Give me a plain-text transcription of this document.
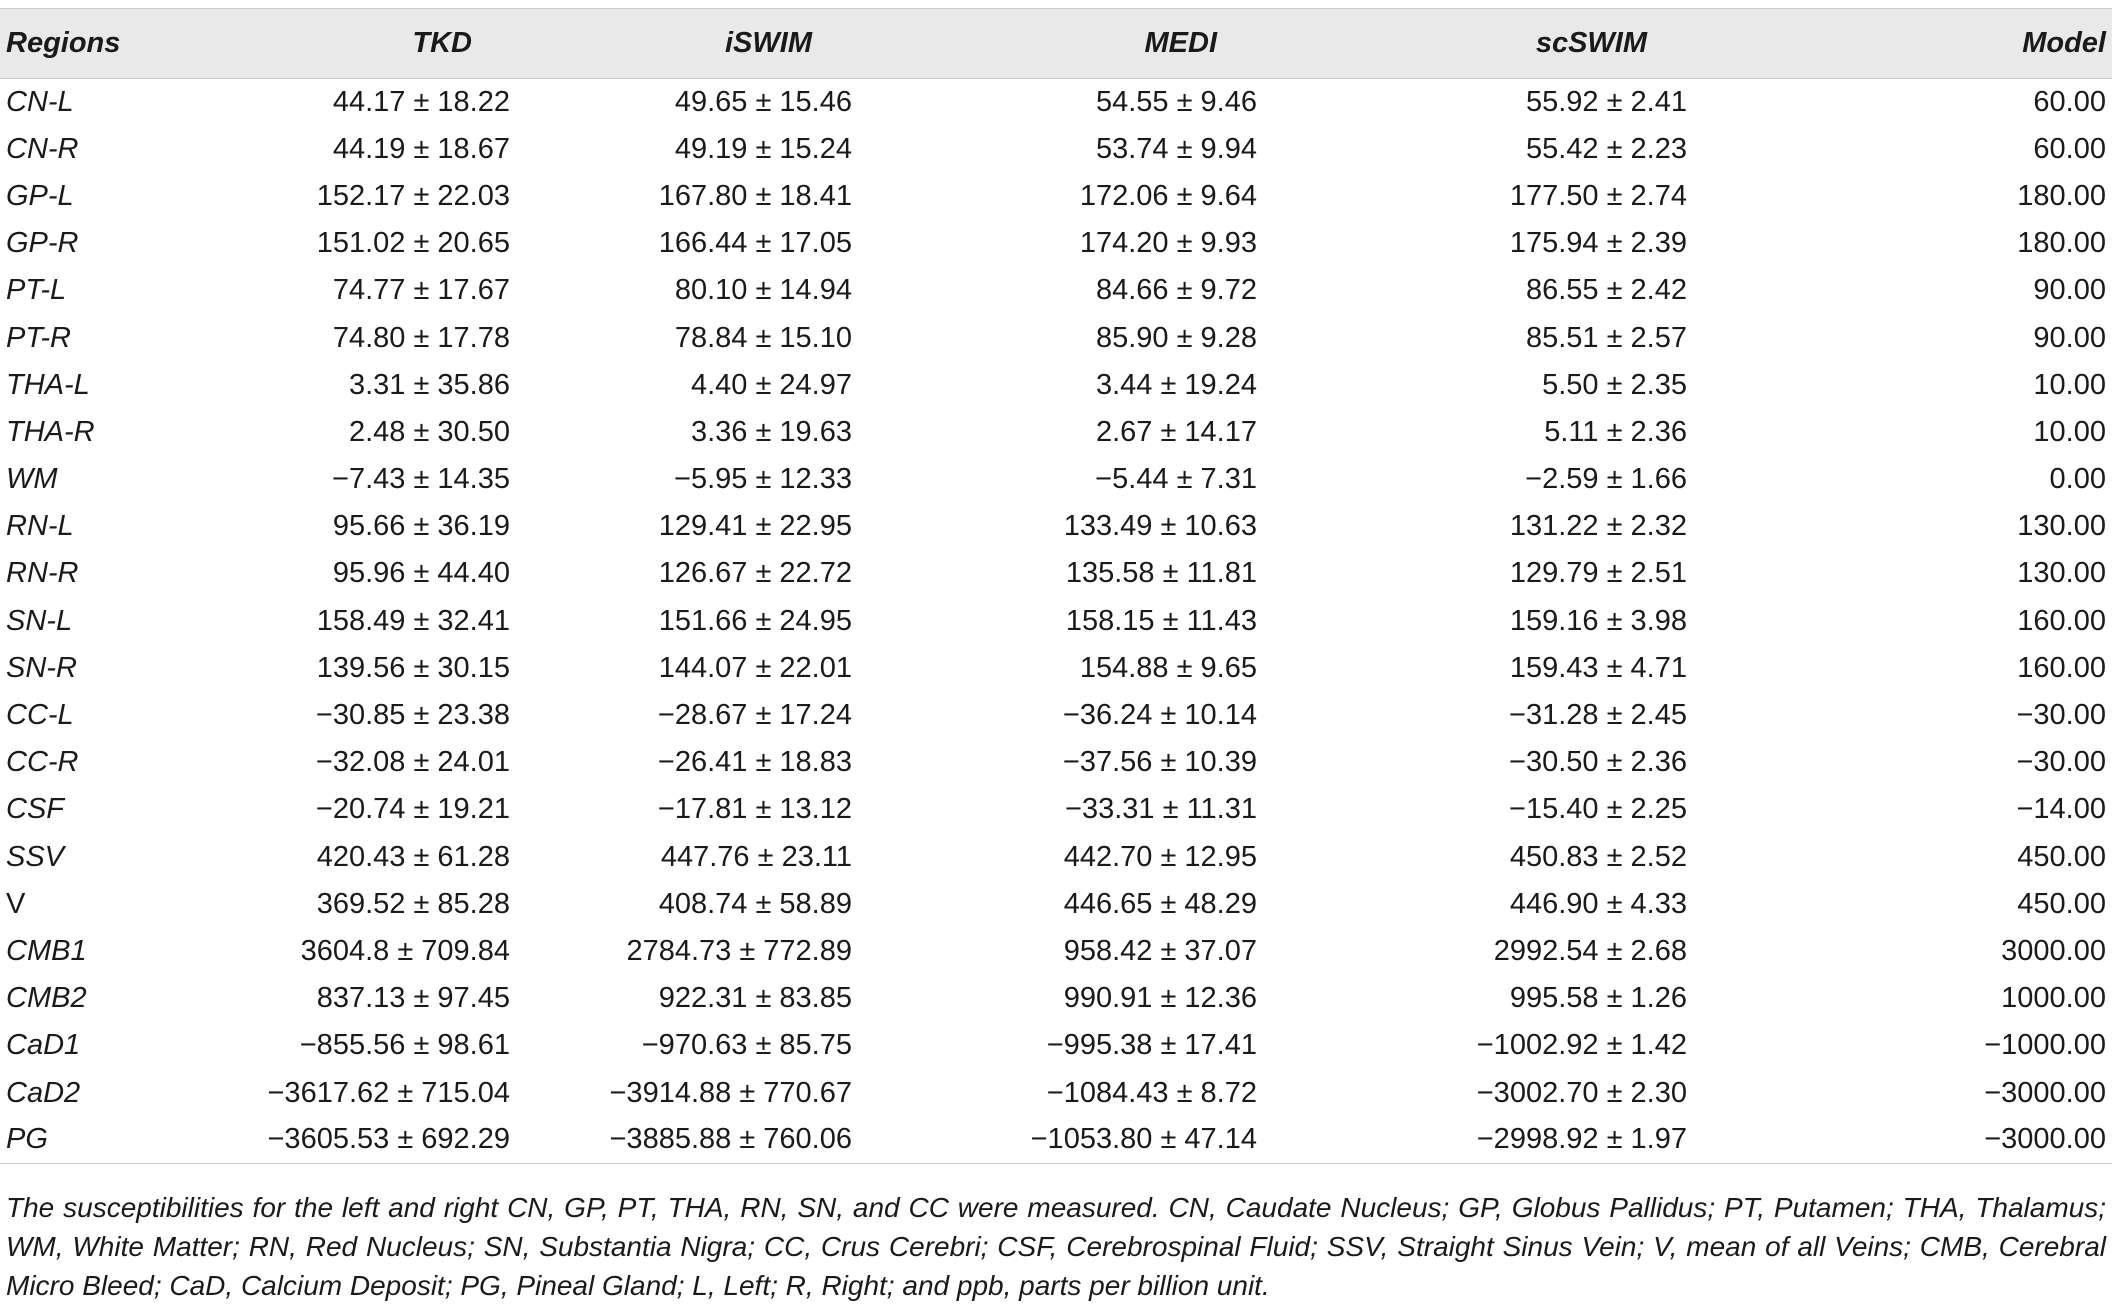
Regions	TKD	iSWIM	MEDI	scSWIM	Model
CN-L	44.17 ± 18.22	49.65 ± 15.46	54.55 ± 9.46	55.92 ± 2.41	60.00
CN-R	44.19 ± 18.67	49.19 ± 15.24	53.74 ± 9.94	55.42 ± 2.23	60.00
GP-L	152.17 ± 22.03	167.80 ± 18.41	172.06 ± 9.64	177.50 ± 2.74	180.00
GP-R	151.02 ± 20.65	166.44 ± 17.05	174.20 ± 9.93	175.94 ± 2.39	180.00
PT-L	74.77 ± 17.67	80.10 ± 14.94	84.66 ± 9.72	86.55 ± 2.42	90.00
PT-R	74.80 ± 17.78	78.84 ± 15.10	85.90 ± 9.28	85.51 ± 2.57	90.00
THA-L	3.31 ± 35.86	4.40 ± 24.97	3.44 ± 19.24	5.50 ± 2.35	10.00
THA-R	2.48 ± 30.50	3.36 ± 19.63	2.67 ± 14.17	5.11 ± 2.36	10.00
WM	−7.43 ± 14.35	−5.95 ± 12.33	−5.44 ± 7.31	−2.59 ± 1.66	0.00
RN-L	95.66 ± 36.19	129.41 ± 22.95	133.49 ± 10.63	131.22 ± 2.32	130.00
RN-R	95.96 ± 44.40	126.67 ± 22.72	135.58 ± 11.81	129.79 ± 2.51	130.00
SN-L	158.49 ± 32.41	151.66 ± 24.95	158.15 ± 11.43	159.16 ± 3.98	160.00
SN-R	139.56 ± 30.15	144.07 ± 22.01	154.88 ± 9.65	159.43 ± 4.71	160.00
CC-L	−30.85 ± 23.38	−28.67 ± 17.24	−36.24 ± 10.14	−31.28 ± 2.45	−30.00
CC-R	−32.08 ± 24.01	−26.41 ± 18.83	−37.56 ± 10.39	−30.50 ± 2.36	−30.00
CSF	−20.74 ± 19.21	−17.81 ± 13.12	−33.31 ± 11.31	−15.40 ± 2.25	−14.00
SSV	420.43 ± 61.28	447.76 ± 23.11	442.70 ± 12.95	450.83 ± 2.52	450.00
V	369.52 ± 85.28	408.74 ± 58.89	446.65 ± 48.29	446.90 ± 4.33	450.00
CMB1	3604.8 ± 709.84	2784.73 ± 772.89	958.42 ± 37.07	2992.54 ± 2.68	3000.00
CMB2	837.13 ± 97.45	922.31 ± 83.85	990.91 ± 12.36	995.58 ± 1.26	1000.00
CaD1	−855.56 ± 98.61	−970.63 ± 85.75	−995.38 ± 17.41	−1002.92 ± 1.42	−1000.00
CaD2	−3617.62 ± 715.04	−3914.88 ± 770.67	−1084.43 ± 8.72	−3002.70 ± 2.30	−3000.00
PG	−3605.53 ± 692.29	−3885.88 ± 760.06	−1053.80 ± 47.14	−2998.92 ± 1.97	−3000.00
The susceptibilities for the left and right CN, GP, PT, THA, RN, SN, and CC were measured. CN, Caudate Nucleus; GP, Globus Pallidus; PT, Putamen; THA, Thalamus; WM, White Matter; RN, Red Nucleus; SN, Substantia Nigra; CC, Crus Cerebri; CSF, Cerebrospinal Fluid; SSV, Straight Sinus Vein; V, mean of all Veins; CMB, Cerebral Micro Bleed; CaD, Calcium Deposit; PG, Pineal Gland; L, Left; R, Right; and ppb, parts per billion unit.
